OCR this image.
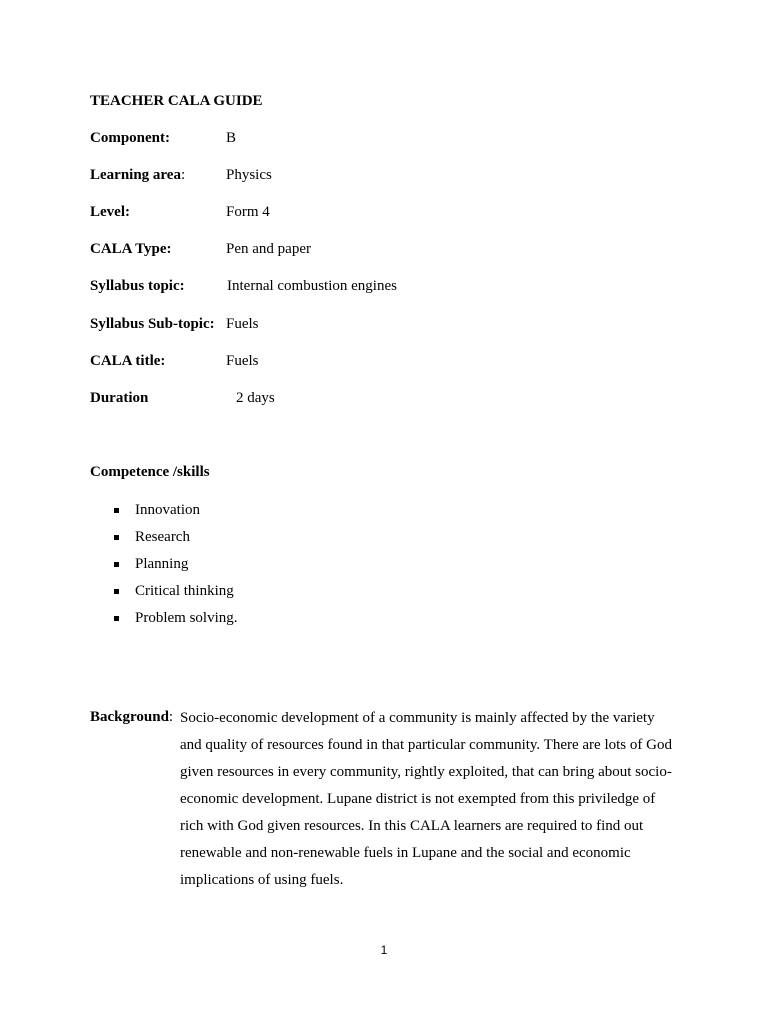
TEACHER CALA GUIDE
Component:	B
Learning area:	Physics
Level:	Form 4
CALA Type:	Pen and paper
Syllabus topic:	Internal combustion engines
Syllabus Sub-topic: Fuels
CALA title:	Fuels
Duration	2 days
Competence /skills
Innovation
Research
Planning
Critical thinking
Problem solving.
Background: Socio-economic development of a community is mainly affected by the variety
and quality of resources found in that particular community. There are lots of God
given resources in every community, rightly exploited, that can bring about socio-
economic development. Lupane district is not exempted from this priviledge of
rich with God given resources. In this CALA learners are required to find out
renewable and non-renewable fuels in Lupane and the social and economic
implications of using fuels.
1
